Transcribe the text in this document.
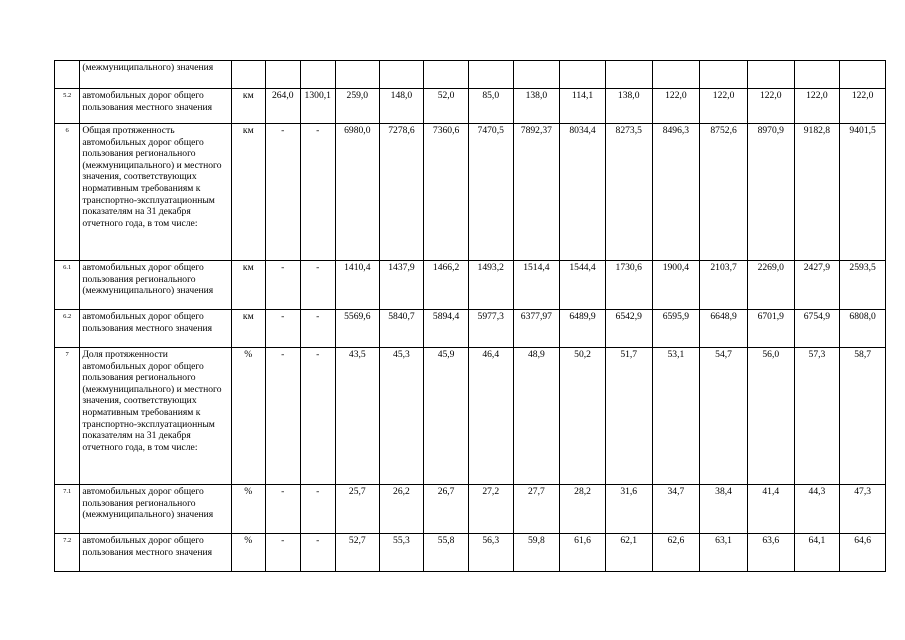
	(межмуниципального) значения															
5.2	автомобильных дорог общего пользования местного значения	км	264,0	1300,1	259,0	148,0	52,0	85,0	138,0	114,1	138,0	122,0	122,0	122,0	122,0	122,0
6	Общая протяженность автомобильных дорог общего пользования регионального (межмуниципального) и местного значения, соответствующих нормативным требованиям к транспортно-эксплуатационным показателям на 31 декабря отчетного года, в том числе:	км	-	-	6980,0	7278,6	7360,6	7470,5	7892,37	8034,4	8273,5	8496,3	8752,6	8970,9	9182,8	9401,5
6.1	автомобильных дорог общего пользования регионального (межмуниципального) значения	км	-	-	1410,4	1437,9	1466,2	1493,2	1514,4	1544,4	1730,6	1900,4	2103,7	2269,0	2427,9	2593,5
6.2	автомобильных дорог общего пользования местного значения	км	-	-	5569,6	5840,7	5894,4	5977,3	6377,97	6489,9	6542,9	6595,9	6648,9	6701,9	6754,9	6808,0
7	Доля протяженности автомобильных дорог общего пользования регионального (межмуниципального) и местного значения, соответствующих нормативным требованиям к транспортно-эксплуатационным показателям на 31 декабря отчетного года, в том числе:	%	-	-	43,5	45,3	45,9	46,4	48,9	50,2	51,7	53,1	54,7	56,0	57,3	58,7
7.1	автомобильных дорог общего пользования регионального (межмуниципального) значения	%	-	-	25,7	26,2	26,7	27,2	27,7	28,2	31,6	34,7	38,4	41,4	44,3	47,3
7.2	автомобильных дорог общего пользования местного значения	%	-	-	52,7	55,3	55,8	56,3	59,8	61,6	62,1	62,6	63,1	63,6	64,1	64,6
